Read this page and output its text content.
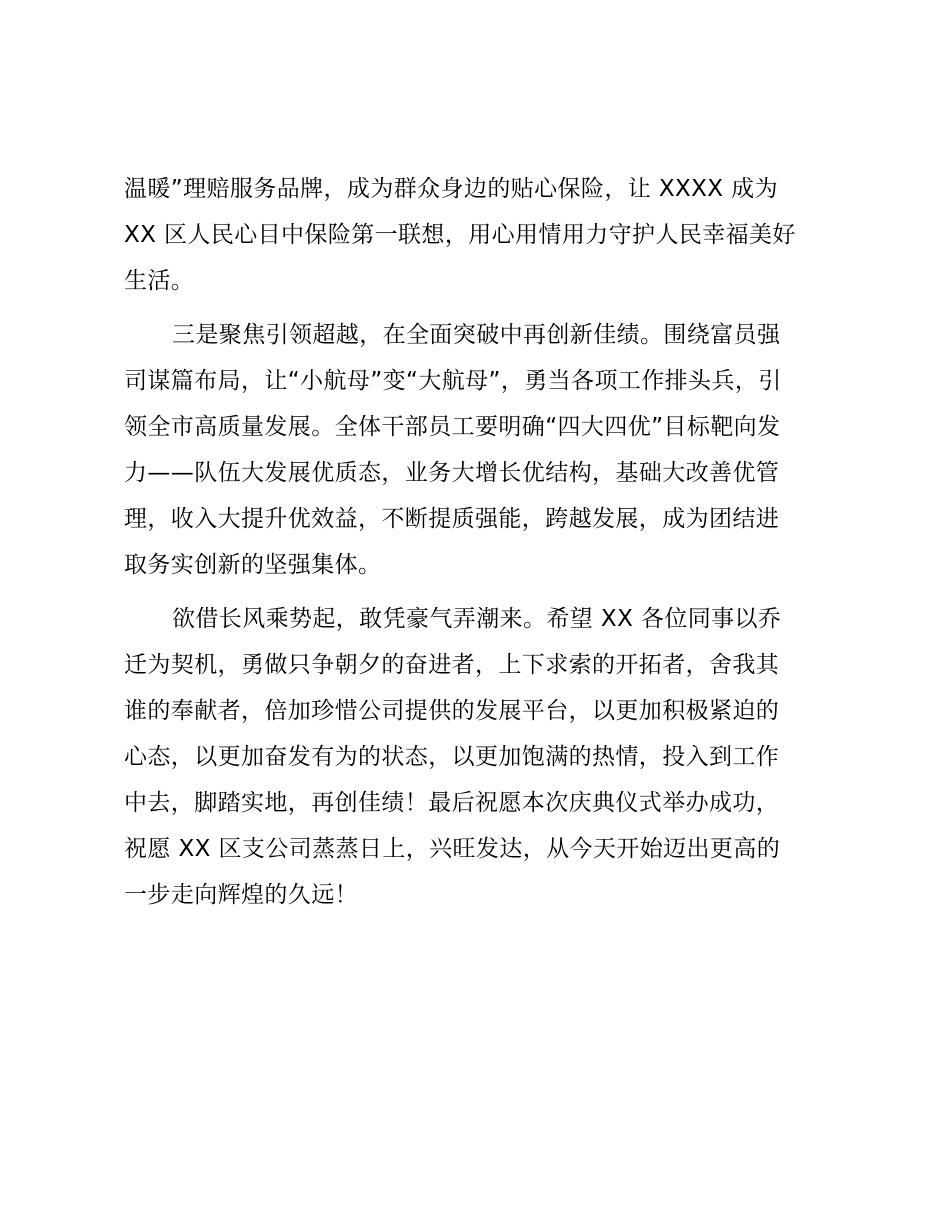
温暖”理赔服务品牌，成为群众身边的贴心保险，让 XXXX 成为
XX 区人民心目中保险第一联想，用心用情用力守护人民幸福美好
生活。
三是聚焦引领超越，在全面突破中再创新佳绩。围绕富员强
司谋篇布局，让“小航母”变“大航母”，勇当各项工作排头兵，引
领全市高质量发展。全体干部员工要明确“四大四优”目标靶向发
力——队伍大发展优质态，业务大增长优结构，基础大改善优管
理，收入大提升优效益，不断提质强能，跨越发展，成为团结进
取务实创新的坚强集体。
欲借长风乘势起，敢凭豪气弄潮来。希望 XX 各位同事以乔
迁为契机，勇做只争朝夕的奋进者，上下求索的开拓者，舍我其
谁的奉献者，倍加珍惜公司提供的发展平台，以更加积极紧迫的
心态，以更加奋发有为的状态，以更加饱满的热情，投入到工作
中去，脚踏实地，再创佳绩！最后祝愿本次庆典仪式举办成功，
祝愿 XX 区支公司蒸蒸日上，兴旺发达，从今天开始迈出更高的
一步走向辉煌的久远！
